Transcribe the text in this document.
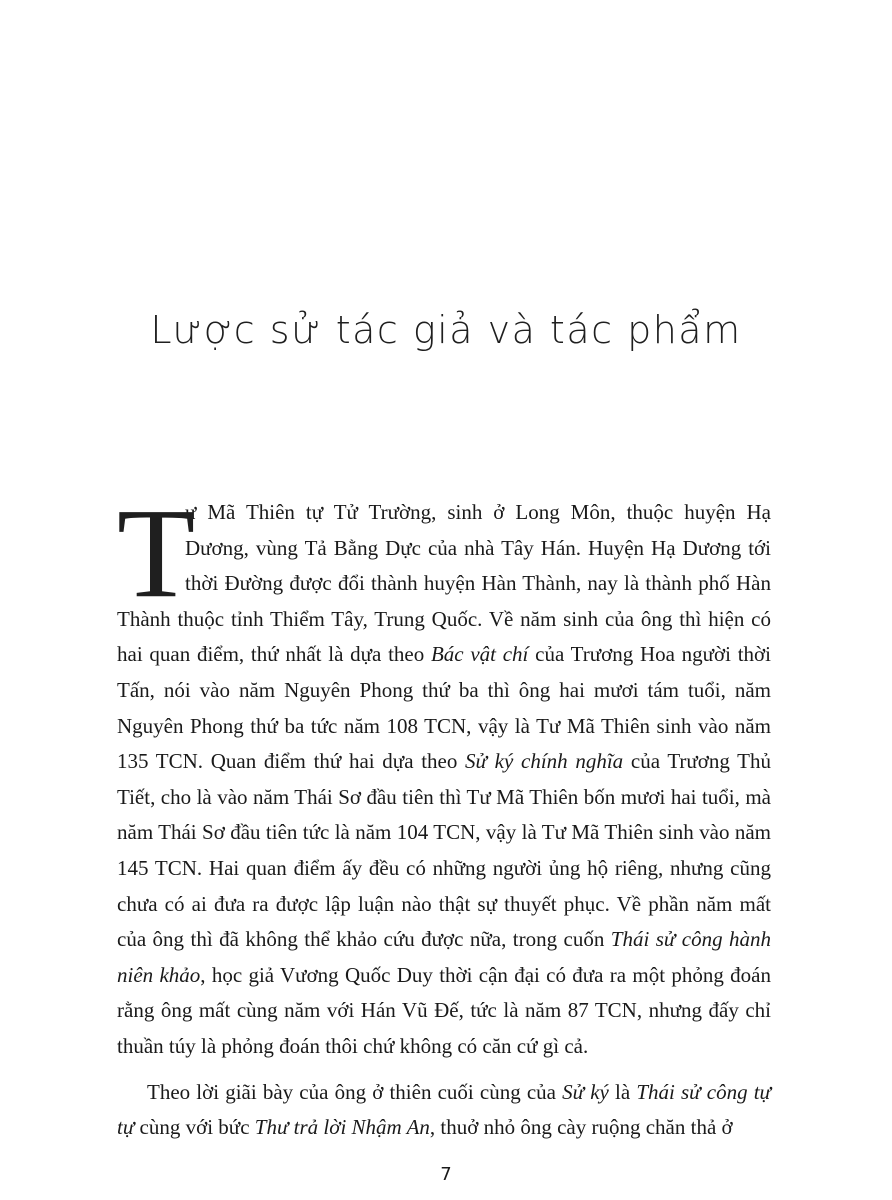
Lược sử tác giả và tác phẩm

T
ư Mã Thiên tự Tử Trường, sinh ở Long Môn, thuộc huyện Hạ Dương, vùng Tả Bằng Dực của nhà Tây Hán. Huyện Hạ Dương tới thời Đường được đổi thành huyện Hàn Thành, nay là thành phố Hàn Thành thuộc tỉnh Thiểm Tây, Trung Quốc. Về năm sinh của ông thì hiện có hai quan điểm, thứ nhất là dựa theo Bác vật chí của Trương Hoa người thời Tấn, nói vào năm Nguyên Phong thứ ba thì ông hai mươi tám tuổi, năm Nguyên Phong thứ ba tức năm 108 TCN, vậy là Tư Mã Thiên sinh vào năm 135 TCN. Quan điểm thứ hai dựa theo Sử ký chính nghĩa của Trương Thủ Tiết, cho là vào năm Thái Sơ đầu tiên thì Tư Mã Thiên bốn mươi hai tuổi, mà năm Thái Sơ đầu tiên tức là năm 104 TCN, vậy là Tư Mã Thiên sinh vào năm 145 TCN. Hai quan điểm ấy đều có những người ủng hộ riêng, nhưng cũng chưa có ai đưa ra được lập luận nào thật sự thuyết phục. Về phần năm mất của ông thì đã không thể khảo cứu được nữa, trong cuốn Thái sử công hành niên khảo, học giả Vương Quốc Duy thời cận đại có đưa ra một phỏng đoán rằng ông mất cùng năm với Hán Vũ Đế, tức là năm 87 TCN, nhưng đấy chỉ thuần túy là phỏng đoán thôi chứ không có căn cứ gì cả.

Theo lời giãi bày của ông ở thiên cuối cùng của Sử ký là Thái sử công tự tự cùng với bức Thư trả lời Nhậm An, thuở nhỏ ông cày ruộng chăn thả ở

7
